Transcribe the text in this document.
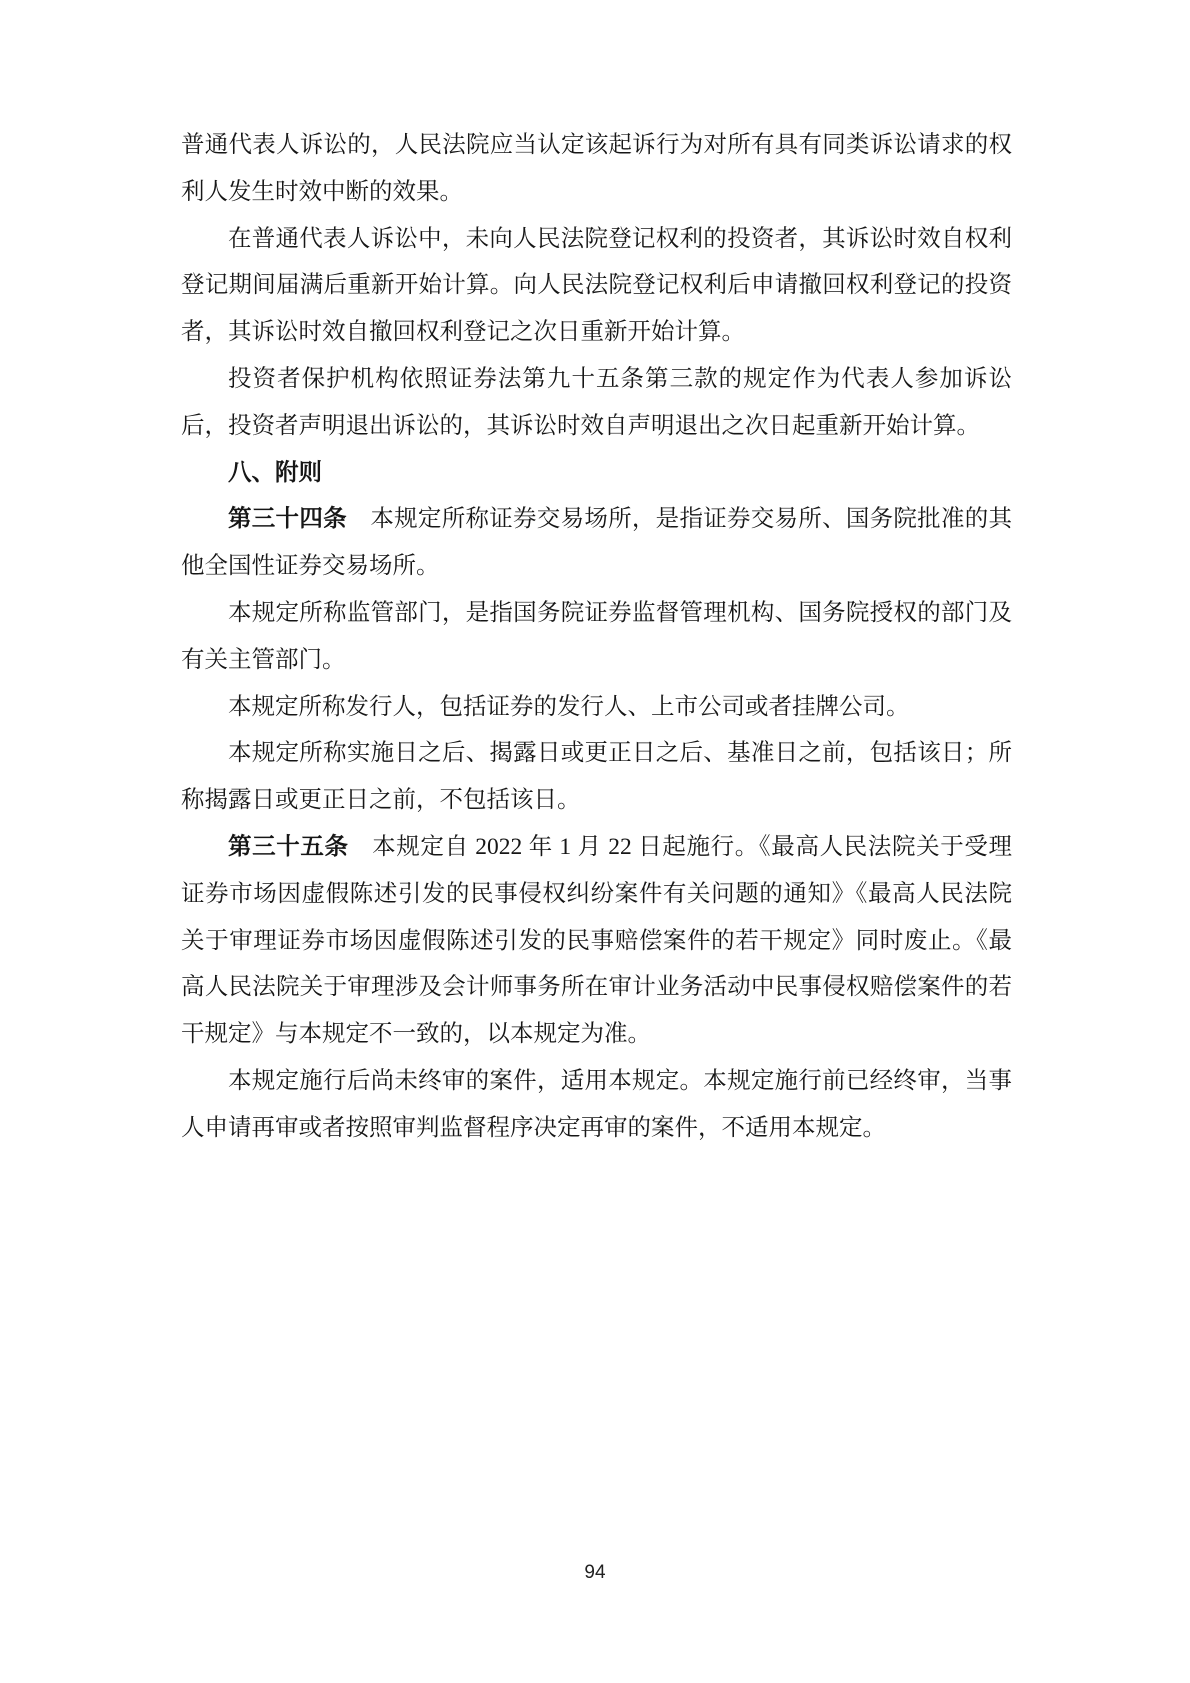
普通代表人诉讼的，人民法院应当认定该起诉行为对所有具有同类诉讼请求的权利人发生时效中断的效果。

在普通代表人诉讼中，未向人民法院登记权利的投资者，其诉讼时效自权利登记期间届满后重新开始计算。向人民法院登记权利后申请撤回权利登记的投资者，其诉讼时效自撤回权利登记之次日重新开始计算。

投资者保护机构依照证券法第九十五条第三款的规定作为代表人参加诉讼后，投资者声明退出诉讼的，其诉讼时效自声明退出之次日起重新开始计算。

八、附则

第三十四条 本规定所称证券交易场所，是指证券交易所、国务院批准的其他全国性证券交易场所。

本规定所称监管部门，是指国务院证券监督管理机构、国务院授权的部门及有关主管部门。

本规定所称发行人，包括证券的发行人、上市公司或者挂牌公司。

本规定所称实施日之后、揭露日或更正日之后、基准日之前，包括该日；所称揭露日或更正日之前，不包括该日。

第三十五条 本规定自 2022 年 1 月 22 日起施行。《最高人民法院关于受理证券市场因虚假陈述引发的民事侵权纠纷案件有关问题的通知》《最高人民法院关于审理证券市场因虚假陈述引发的民事赔偿案件的若干规定》同时废止。《最高人民法院关于审理涉及会计师事务所在审计业务活动中民事侵权赔偿案件的若干规定》与本规定不一致的，以本规定为准。

本规定施行后尚未终审的案件，适用本规定。本规定施行前已经终审，当事人申请再审或者按照审判监督程序决定再审的案件，不适用本规定。

94
